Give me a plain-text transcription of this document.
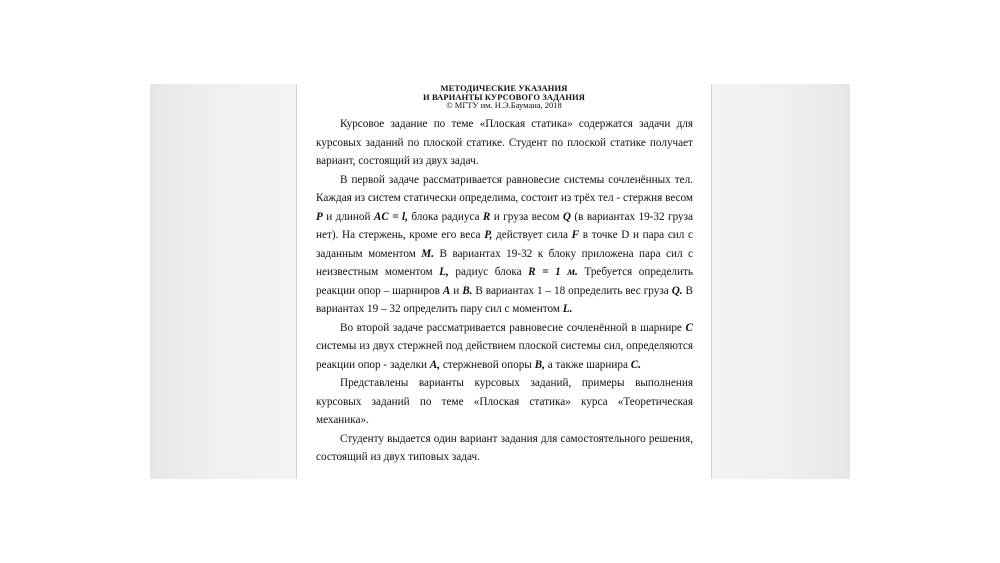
МЕТОДИЧЕСКИЕ УКАЗАНИЯ
И ВАРИАНТЫ КУРСОВОГО ЗАДАНИЯ
© МГТУ им. Н.Э.Баумана, 2018

Курсовое задание по теме «Плоская статика» содержатся задачи для курсовых заданий по плоской статике. Студент по плоской статике получает вариант, состоящий из двух задач.

В первой задаче рассматривается равновесие системы сочленённых тел. Каждая из систем статически определима, состоит из трёх тел - стержня весом P и длиной AC = l, блока радиуса R и груза весом Q (в вариантах 19-32 груза нет). На стержень, кроме его веса P, действует сила F в точке D и пара сил с заданным моментом M. В вариантах 19-32 к блоку приложена пара сил с неизвестным моментом L, радиус блока R = 1 м. Требуется определить реакции опор – шарниров A и B. В вариантах 1 – 18 определить вес груза Q. В вариантах 19 – 32 определить пару сил с моментом L.

Во второй задаче рассматривается равновесие сочленённой в шарнире C системы из двух стержней под действием плоской системы сил, определяются реакции опор - заделки A, стержневой опоры B, а также шарнира C.

Представлены варианты курсовых заданий, примеры выполнения курсовых заданий по теме «Плоская статика» курса «Теоретическая механика».

Студенту выдается один вариант задания для самостоятельного решения, состоящий из двух типовых задач.
